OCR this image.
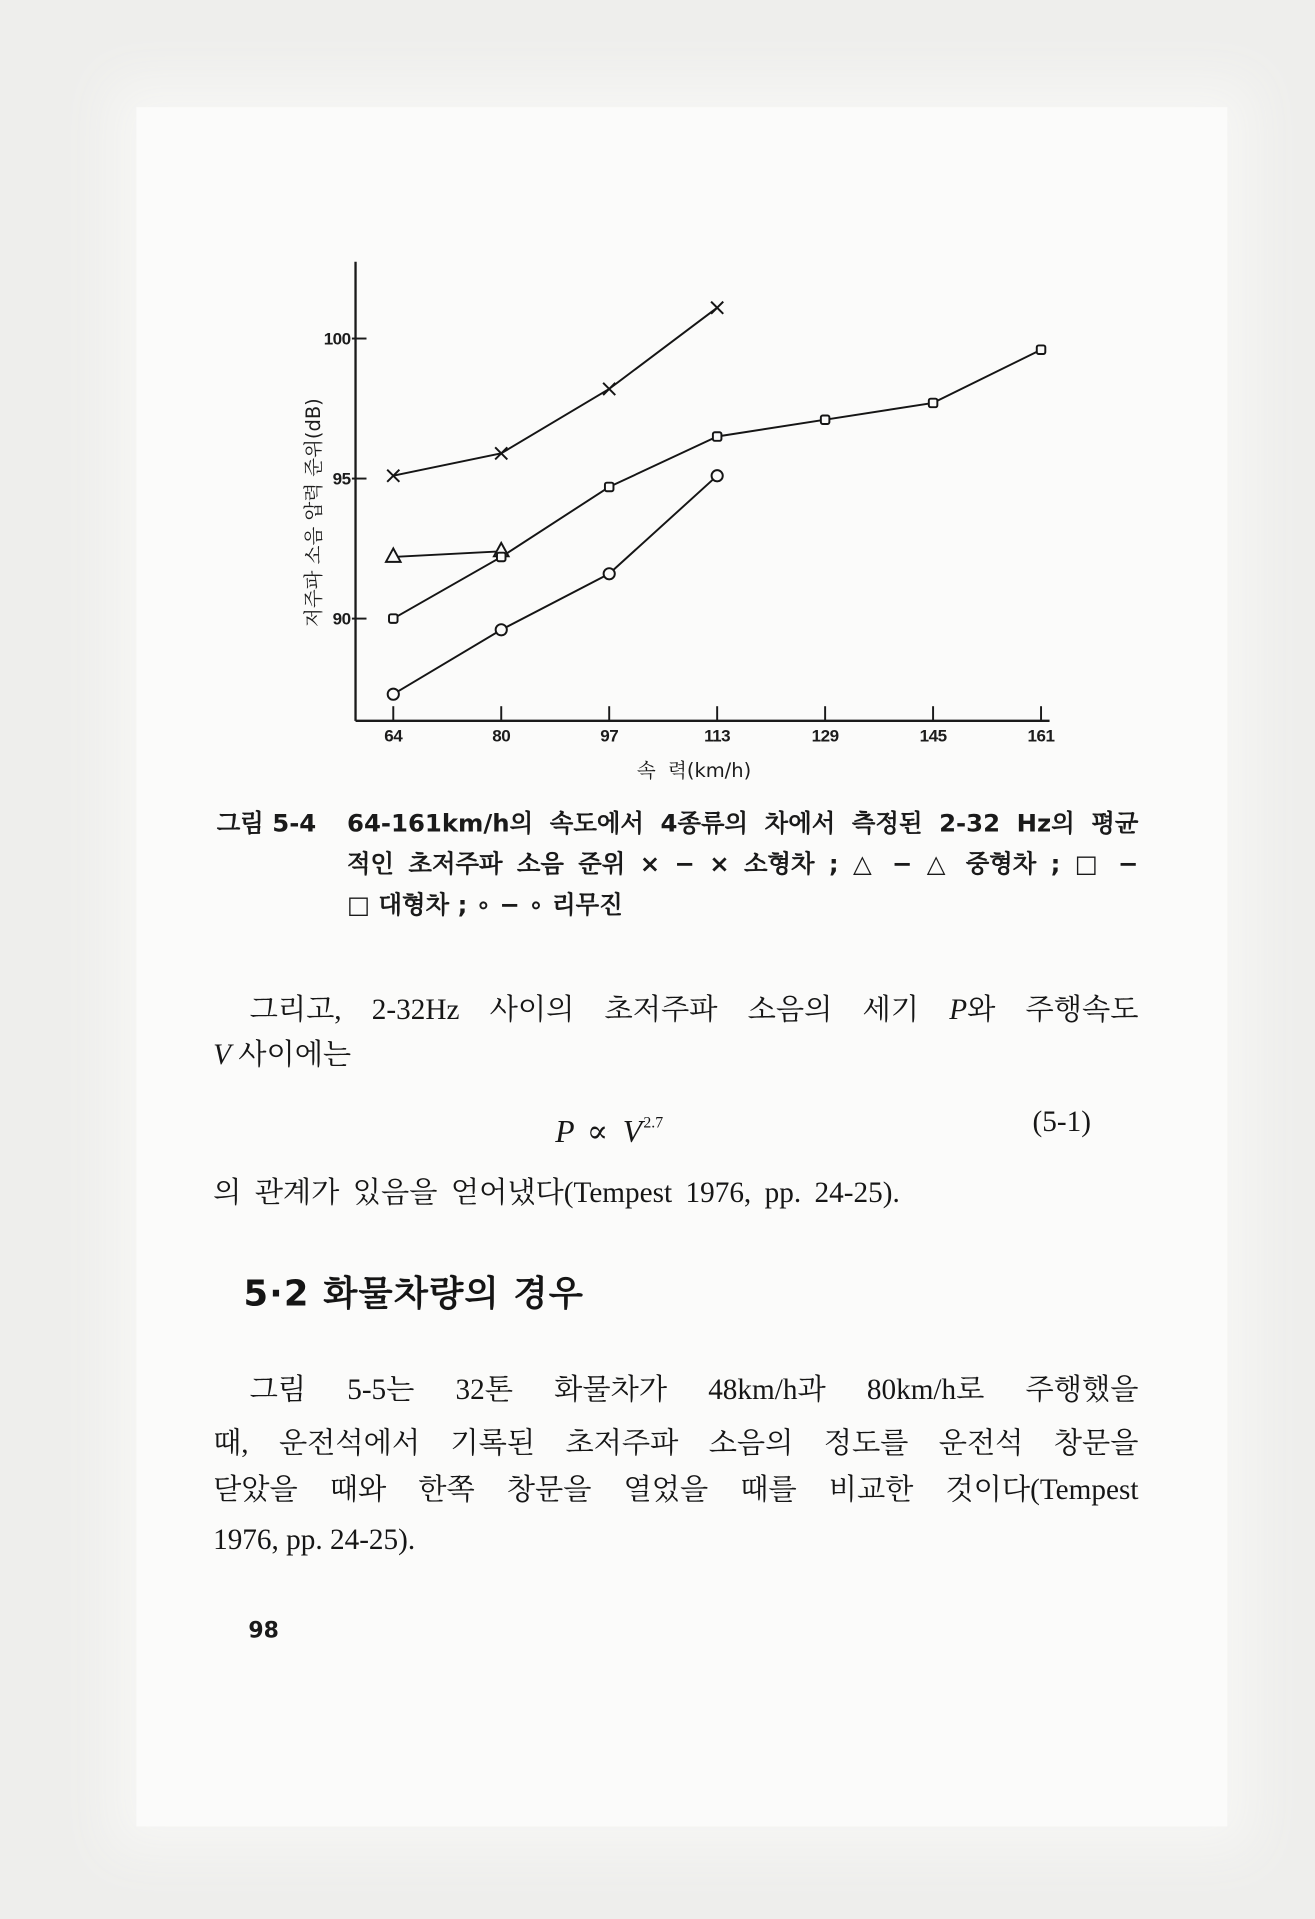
100
95
90
64	80	97	113	129	145	161
속  력(km/h)
저주파 소음 압력 준위(dB)
그림 5-4 64-161km/h의 속도에서 4종류의 차에서 측정된 2-32 Hz의 평균
적인 초저주파 소음 준위 × − × 소형차 ; △ − △ 중형차 ; □ −
□ 대형차 ; ∘ − ∘ 리무진
그리고, 2-32Hz 사이의 초저주파 소음의 세기 P와 주행속도
V 사이에는
$P \propto V^{2.7}$	(5-1)
의 관계가 있음을 얻어냈다(Tempest 1976, pp. 24-25).
5·2 화물차량의 경우
그림 5-5는 32톤 화물차가 48km/h과 80km/h로 주행했을
때, 운전석에서 기록된 초저주파 소음의 정도를 운전석 창문을
닫았을 때와 한쪽 창문을 열었을 때를 비교한 것이다(Tempest
1976, pp. 24-25).
98
